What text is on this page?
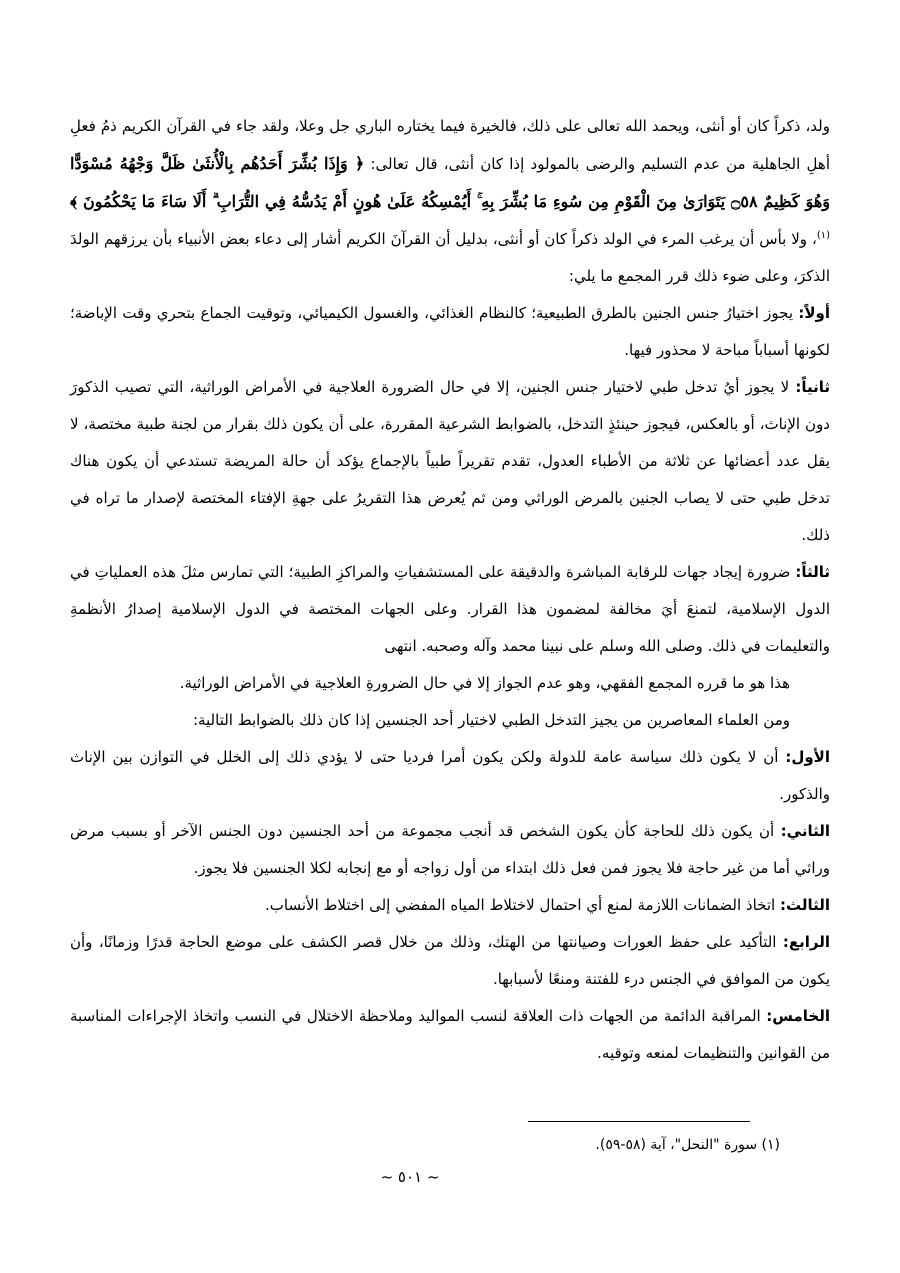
ولد، ذكراً كان أو أنثى، ويحمد الله تعالى على ذلك، فالخيرة فيما يختاره الباري جل وعلا، ولقد جاء في القرآن الكريم ذمُ فعلِ أهلِ الجاهلية من عدم التسليم والرضى بالمولود إذا كان أنثى، قال تعالى: ﴿ وَإِذَا بُشِّرَ أَحَدُهُم بِالْأُنثَىٰ ظَلَّ وَجْهُهُ مُسْوَدًّا وَهُوَ كَظِيمٌ ۝٥٨ يَتَوَارَىٰ مِنَ الْقَوْمِ مِن سُوءِ مَا بُشِّرَ بِهِ ۚ أَيُمْسِكُهُ عَلَىٰ هُونٍ أَمْ يَدُسُّهُ فِي التُّرَابِ ۗ أَلَا سَاءَ مَا يَحْكُمُونَ ﴾$^{(١)}$، ولا بأس أن يرغب المرء في الولد ذكراً كان أو أنثى، بدليل أن القرآنَ الكريم أشار إلى دعاء بعض الأنبياء بأن يرزقهم الولدَ الذكرَ، وعلى ضوء ذلك قرر المجمع ما يلي:

أولاً: يجوز اختيارُ جنس الجنين بالطرق الطبيعية؛ كالنظام الغذائي، والغسول الكيميائي، وتوقيت الجماع بتحري وقت الإباضة؛ لكونها أسباباً مباحة لا محذور فيها.

ثانياً: لا يجوز أيُ تدخل طبي لاختيار جنس الجنين، إلا في حال الضرورة العلاجية في الأمراض الوراثية، التي تصيب الذكورَ دون الإناث، أو بالعكس، فيجوز حينئذٍ التدخل، بالضوابط الشرعية المقررة، على أن يكون ذلك بقرار من لجنة طبية مختصة، لا يقل عدد أعضائها عن ثلاثة من الأطباء العدول، تقدم تقريراً طبياً بالإجماع يؤكد أن حالة المريضة تستدعي أن يكون هناك تدخل طبي حتى لا يصاب الجنين بالمرض الوراثي ومن ثم يُعرض هذا التقريرُ على جهةِ الإفتاء المختصة لإصدار ما تراه في ذلك.

ثالثاً: ضرورة إيجاد جهات للرقابة المباشرة والدقيقة على المستشفياتِ والمراكزِ الطبية؛ التي تمارس مثلَ هذه العملياتِ في الدول الإسلامية، لتمنعَ أيَ مخالفة لمضمون هذا القرار. وعلى الجهات المختصة في الدول الإسلامية إصدارُ الأنظمةِ والتعليمات في ذلك. وصلى الله وسلم على نبينا محمد وآله وصحبه. انتهى

هذا هو ما قرره المجمع الفقهي، وهو عدم الجواز إلا في حال الضرورةِ العلاجية في الأمراض الوراثية.

ومن العلماء المعاصرين من يجيز التدخل الطبي لاختيار أحد الجنسين إذا كان ذلك بالضوابط التالية:

الأول: أن لا يكون ذلك سياسة عامة للدولة ولكن يكون أمرا فرديا حتى لا يؤدي ذلك إلى الخلل في التوازن بين الإناث والذكور.

الثاني: أن يكون ذلك للحاجة كأن يكون الشخص قد أنجب مجموعة من أحد الجنسين دون الجنس الآخر أو بسبب مرض وراثي أما من غير حاجة فلا يجوز فمن فعل ذلك ابتداء من أول زواجه أو مع إنجابه لكلا الجنسين فلا يجوز.

الثالث: اتخاذ الضمانات اللازمة لمنع أي احتمال لاختلاط المياه المفضي إلى اختلاط الأنساب.

الرابع: التأكيد على حفظ العورات وصيانتها من الهتك، وذلك من خلال قصر الكشف على موضع الحاجة قدرًا وزمانًا، وأن يكون من الموافق في الجنس درء للفتنة ومنعًا لأسبابها.

الخامس: المراقبة الدائمة من الجهات ذات العلاقة لنسب المواليد وملاحظة الاختلال في النسب واتخاذ الإجراءات المناسبة من القوانين والتنظيمات لمنعه وتوقيه.

(١) سورة "النحل"، آية (٥٨-٥٩).
~ ٥٠١ ~
